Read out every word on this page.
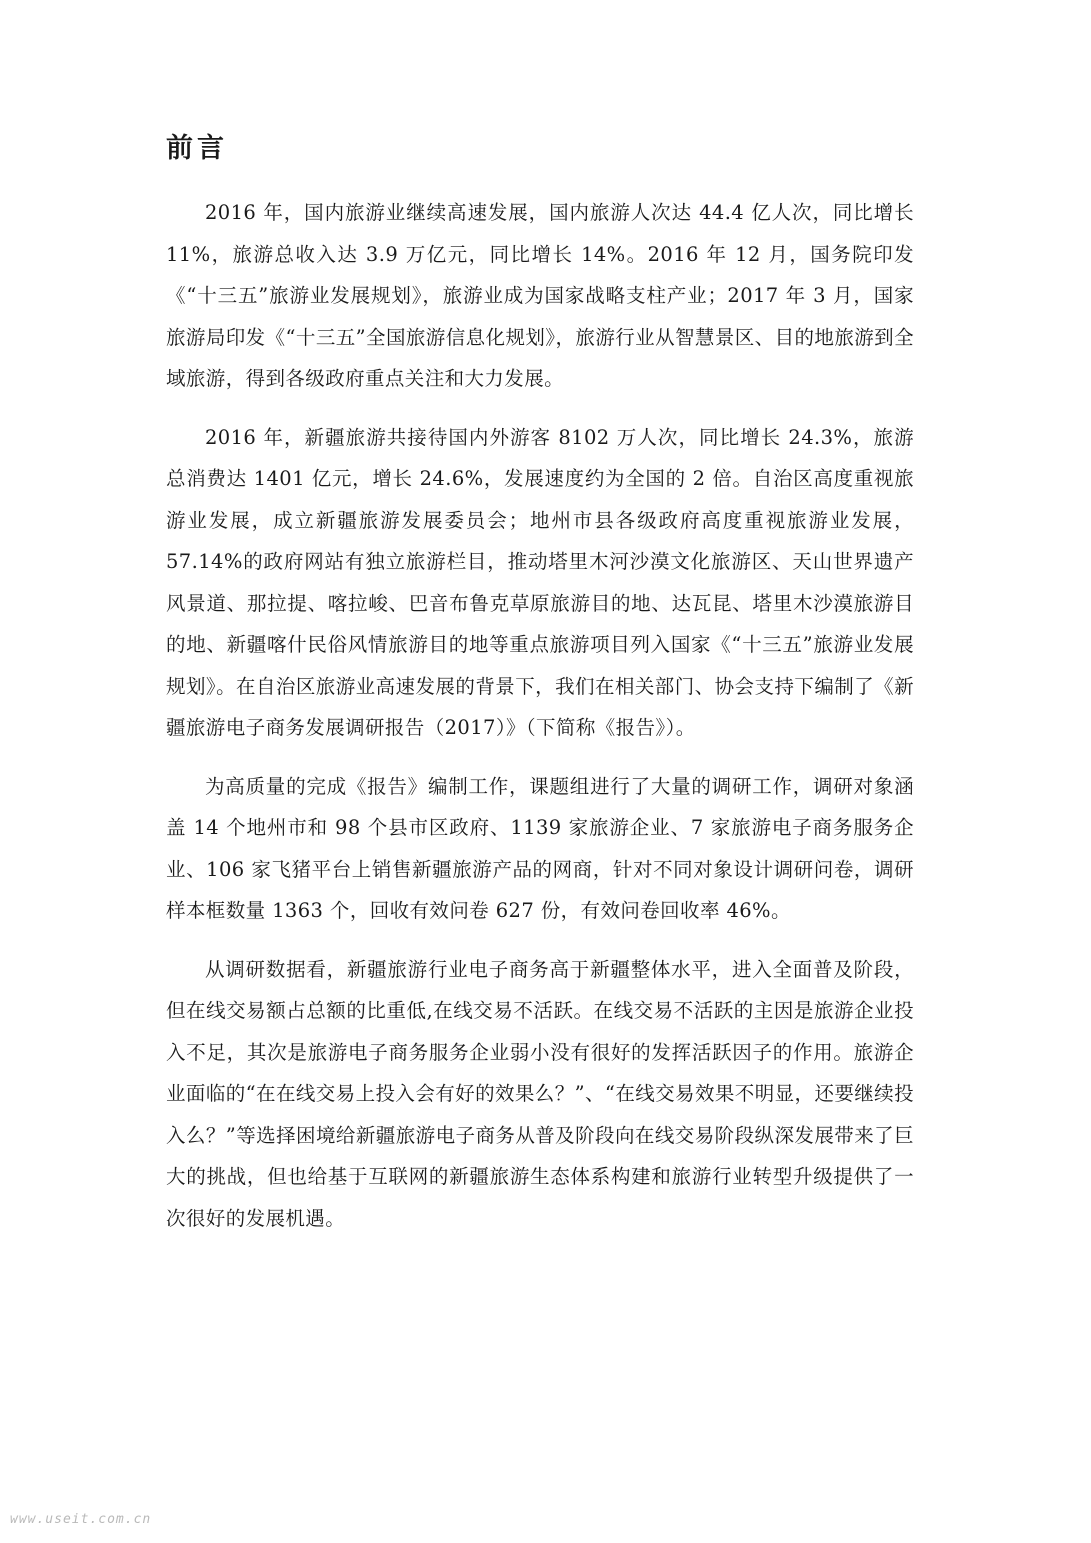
前言

2016 年，国内旅游业继续高速发展，国内旅游人次达 44.4 亿人次，同比增长 11%，旅游总收入达 3.9 万亿元，同比增长 14%。2016 年 12 月，国务院印发《“十三五”旅游业发展规划》，旅游业成为国家战略支柱产业；2017 年 3 月，国家旅游局印发《“十三五”全国旅游信息化规划》，旅游行业从智慧景区、目的地旅游到全域旅游，得到各级政府重点关注和大力发展。

2016 年，新疆旅游共接待国内外游客 8102 万人次，同比增长 24.3%，旅游总消费达 1401 亿元，增长 24.6%，发展速度约为全国的 2 倍。自治区高度重视旅游业发展，成立新疆旅游发展委员会；地州市县各级政府高度重视旅游业发展，57.14%的政府网站有独立旅游栏目，推动塔里木河沙漠文化旅游区、天山世界遗产风景道、那拉提、喀拉峻、巴音布鲁克草原旅游目的地、达瓦昆、塔里木沙漠旅游目的地、新疆喀什民俗风情旅游目的地等重点旅游项目列入国家《“十三五”旅游业发展规划》。在自治区旅游业高速发展的背景下，我们在相关部门、协会支持下编制了《新疆旅游电子商务发展调研报告（2017）》（下简称《报告》）。

为高质量的完成《报告》编制工作，课题组进行了大量的调研工作，调研对象涵盖 14 个地州市和 98 个县市区政府、1139 家旅游企业、7 家旅游电子商务服务企业、106 家飞猪平台上销售新疆旅游产品的网商，针对不同对象设计调研问卷，调研样本框数量 1363 个，回收有效问卷 627 份，有效问卷回收率 46%。

从调研数据看，新疆旅游行业电子商务高于新疆整体水平，进入全面普及阶段，但在线交易额占总额的比重低,在线交易不活跃。在线交易不活跃的主因是旅游企业投入不足，其次是旅游电子商务服务企业弱小没有很好的发挥活跃因子的作用。旅游企业面临的“在在线交易上投入会有好的效果么？”、“在线交易效果不明显，还要继续投入么？”等选择困境给新疆旅游电子商务从普及阶段向在线交易阶段纵深发展带来了巨大的挑战，但也给基于互联网的新疆旅游生态体系构建和旅游行业转型升级提供了一次很好的发展机遇。

www.useit.com.cn
